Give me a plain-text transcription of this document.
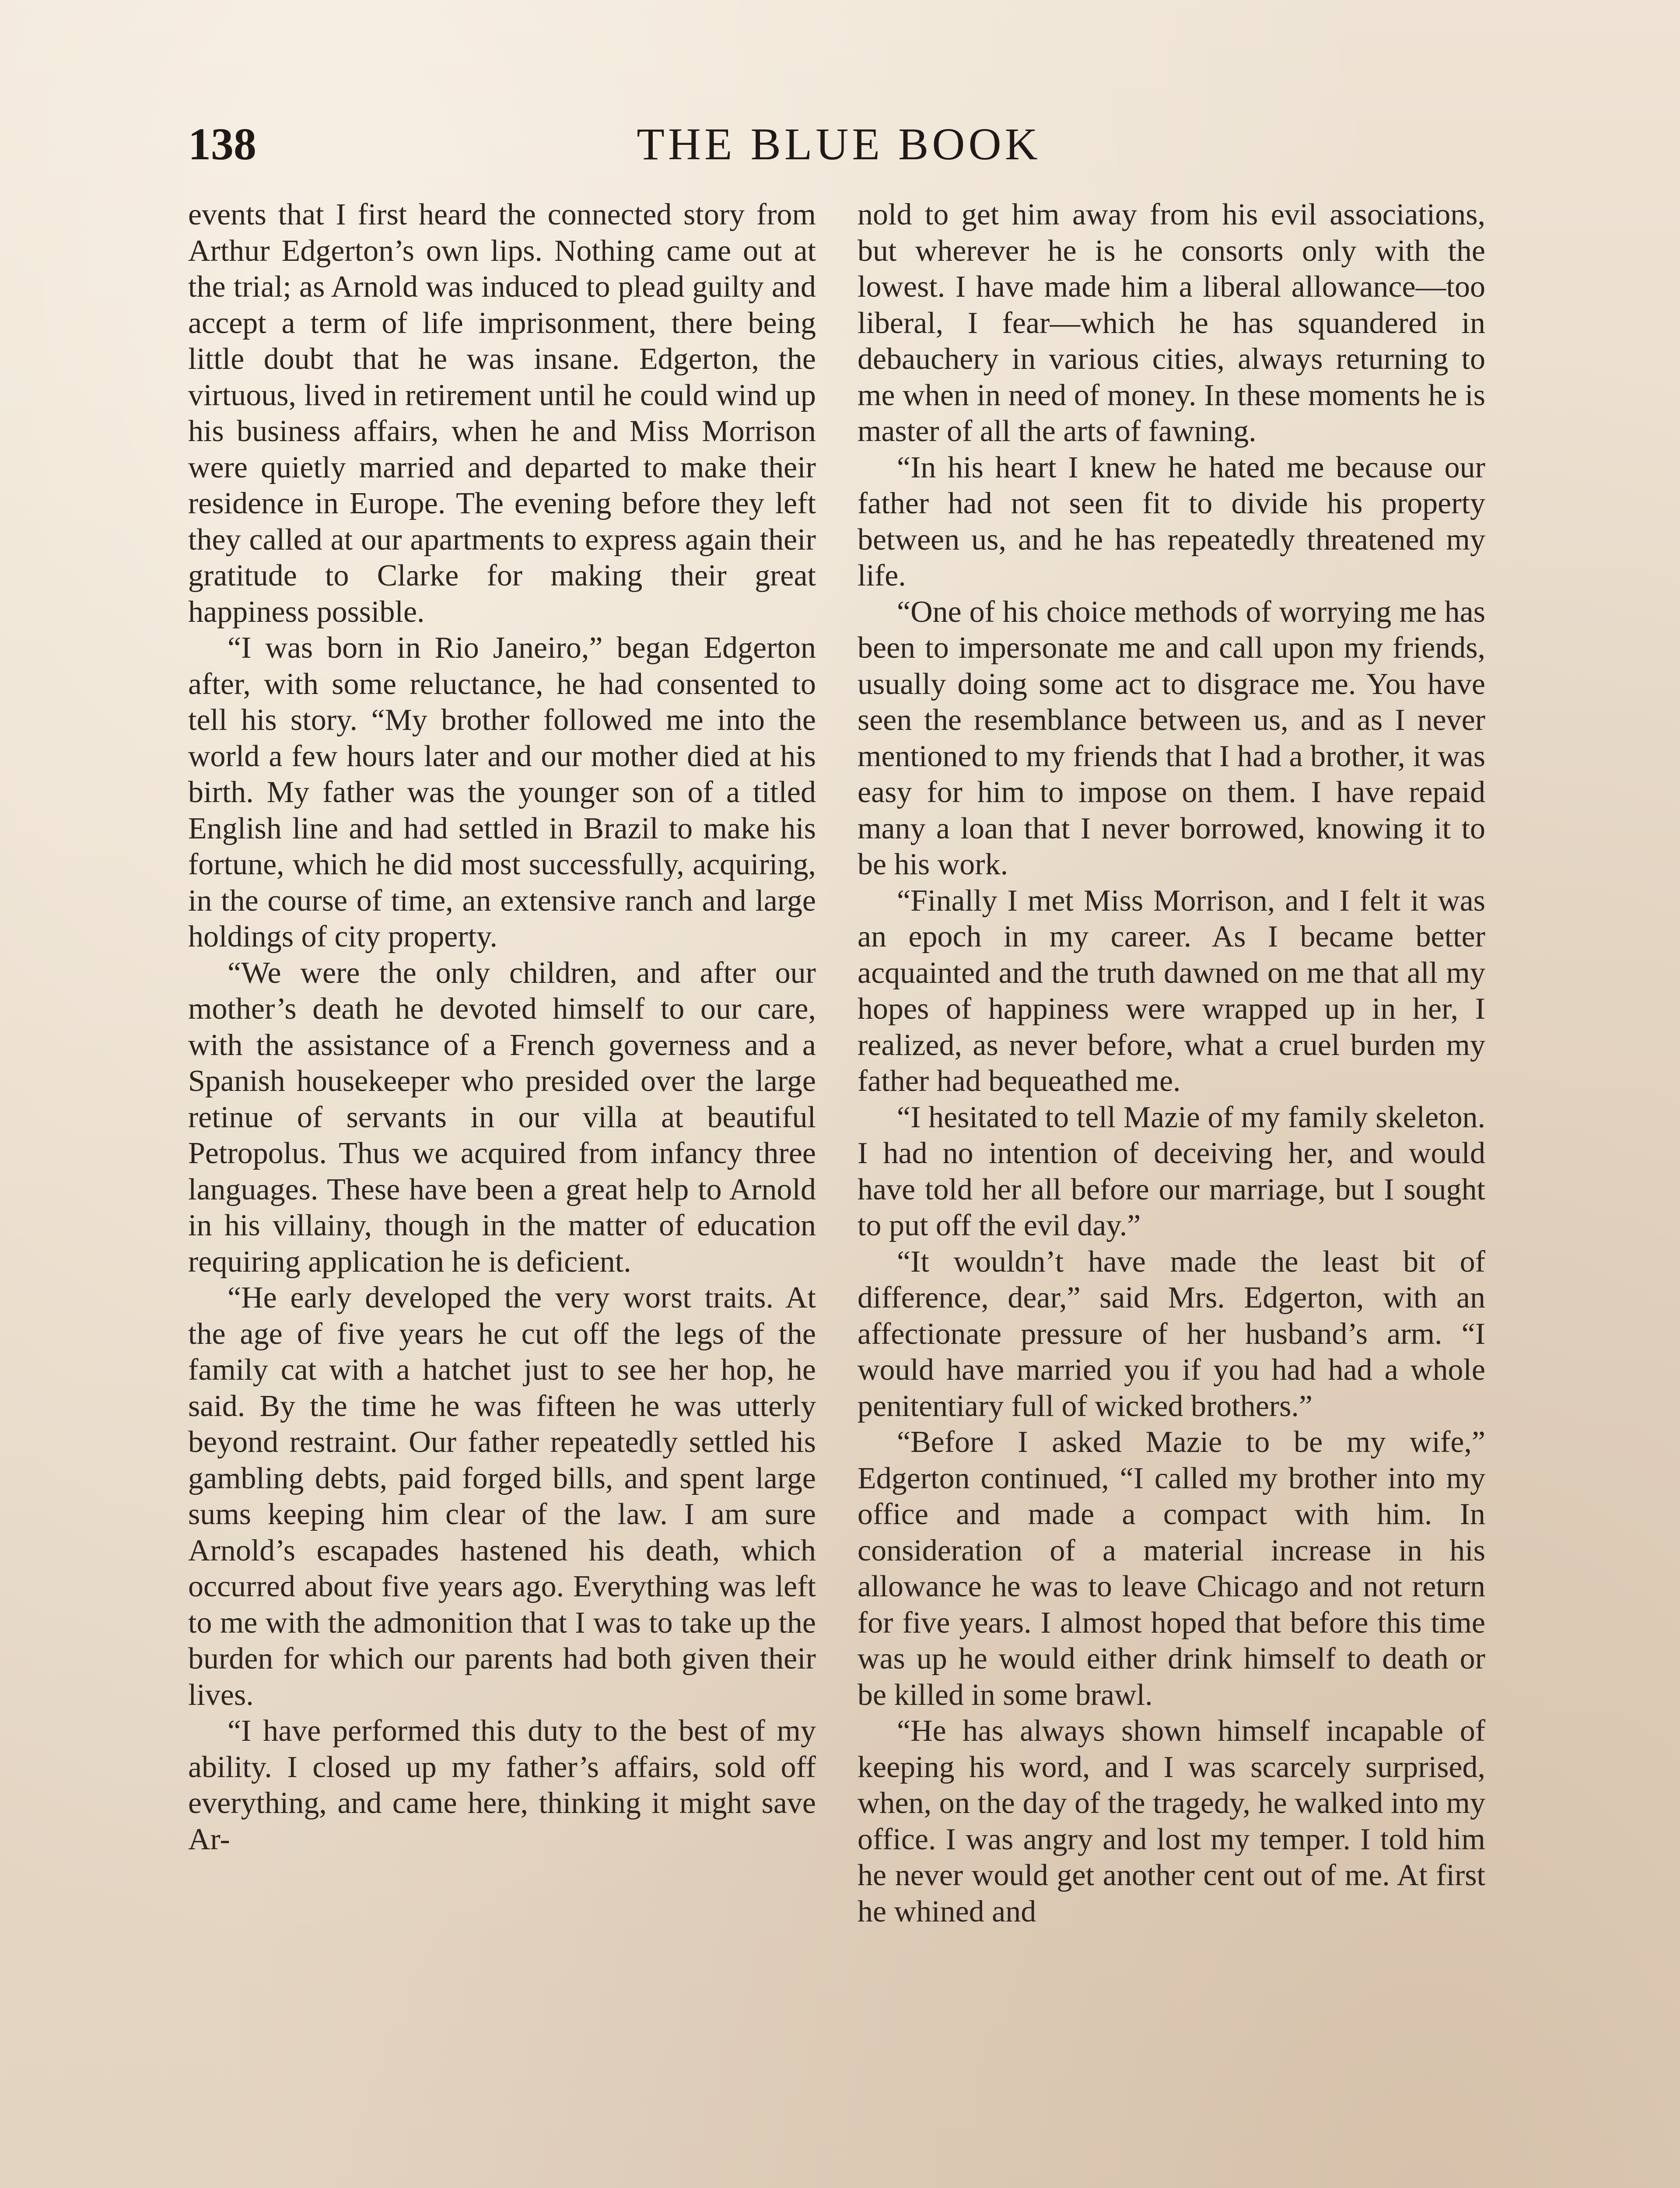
138	THE BLUE BOOK

events that I first heard the connected story from Arthur Edgerton’s own lips. Nothing came out at the trial; as Arnold was induced to plead guilty and accept a term of life imprisonment, there being little doubt that he was insane. Edgerton, the virtuous, lived in retirement until he could wind up his business affairs, when he and Miss Morrison were quietly married and departed to make their residence in Europe. The evening before they left they called at our apartments to express again their gratitude to Clarke for making their great happiness possible.

“I was born in Rio Janeiro,” began Edgerton after, with some reluctance, he had consented to tell his story. “My brother followed me into the world a few hours later and our mother died at his birth. My father was the younger son of a titled English line and had settled in Brazil to make his fortune, which he did most successfully, acquiring, in the course of time, an extensive ranch and large holdings of city property.

“We were the only children, and after our mother’s death he devoted himself to our care, with the assistance of a French governess and a Spanish housekeeper who presided over the large retinue of servants in our villa at beautiful Petropolus. Thus we acquired from infancy three languages. These have been a great help to Arnold in his villainy, though in the matter of education requiring application he is deficient.

“He early developed the very worst traits. At the age of five years he cut off the legs of the family cat with a hatchet just to see her hop, he said. By the time he was fifteen he was utterly beyond restraint. Our father repeatedly settled his gambling debts, paid forged bills, and spent large sums keeping him clear of the law. I am sure Arnold’s escapades hastened his death, which occurred about five years ago. Everything was left to me with the admonition that I was to take up the burden for which our parents had both given their lives.

“I have performed this duty to the best of my ability. I closed up my father’s affairs, sold off everything, and came here, thinking it might save Ar-

nold to get him away from his evil associations, but wherever he is he consorts only with the lowest. I have made him a liberal allowance—too liberal, I fear—which he has squandered in debauchery in various cities, always returning to me when in need of money. In these moments he is master of all the arts of fawning.

“In his heart I knew he hated me because our father had not seen fit to divide his property between us, and he has repeatedly threatened my life.

“One of his choice methods of worrying me has been to impersonate me and call upon my friends, usually doing some act to disgrace me. You have seen the resemblance between us, and as I never mentioned to my friends that I had a brother, it was easy for him to impose on them. I have repaid many a loan that I never borrowed, knowing it to be his work.

“Finally I met Miss Morrison, and I felt it was an epoch in my career. As I became better acquainted and the truth dawned on me that all my hopes of happiness were wrapped up in her, I realized, as never before, what a cruel burden my father had bequeathed me.

“I hesitated to tell Mazie of my family skeleton. I had no intention of deceiving her, and would have told her all before our marriage, but I sought to put off the evil day.”

“It wouldn’t have made the least bit of difference, dear,” said Mrs. Edgerton, with an affectionate pressure of her husband’s arm. “I would have married you if you had had a whole penitentiary full of wicked brothers.”

“Before I asked Mazie to be my wife,” Edgerton continued, “I called my brother into my office and made a compact with him. In consideration of a material increase in his allowance he was to leave Chicago and not return for five years. I almost hoped that before this time was up he would either drink himself to death or be killed in some brawl.

“He has always shown himself incapable of keeping his word, and I was scarcely surprised, when, on the day of the tragedy, he walked into my office. I was angry and lost my temper. I told him he never would get another cent out of me. At first he whined and
